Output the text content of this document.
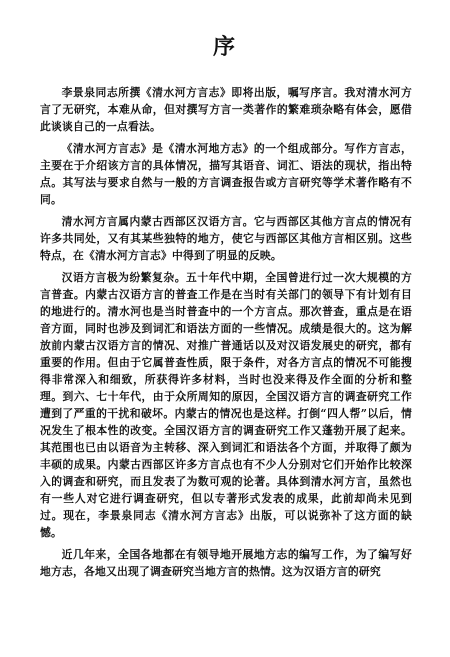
序

李景泉同志所撰《清水河方言志》即将出版，嘱写序言。我对清水河方言了无研究，本难从命，但对撰写方言一类著作的繁难琐杂略有体会，愿借此谈谈自己的一点看法。

《清水河方言志》是《清水河地方志》的一个组成部分。写作方言志，主要在于介绍该方言的具体情况，描写其语音、词汇、语法的现状，指出特点。其写法与要求自然与一般的方言调查报告或方言研究等学术著作略有不同。

清水河方言属内蒙古西部区汉语方言。它与西部区其他方言点的情况有许多共同处，又有其某些独特的地方，使它与西部区其他方言相区别。这些特点，在《清水河方言志》中得到了明显的反映。

汉语方言极为纷繁复杂。五十年代中期，全国曾进行过一次大规模的方言普查。内蒙古汉语方言的普查工作是在当时有关部门的领导下有计划有目的地进行的。清水河也是当时普查中的一个方言点。那次普查，重点是在语音方面，同时也涉及到词汇和语法方面的一些情况。成绩是很大的。这为解放前内蒙古汉语方言的情况、对推广普通话以及对汉语发展史的研究，都有重要的作用。但由于它属普查性质，限于条件，对各方言点的情况不可能搜得非常深入和细致，所获得许多材料，当时也没来得及作全面的分析和整理。到六、七十年代，由于众所周知的原因，全国汉语方言的调查研究工作遭到了严重的干扰和破坏。内蒙古的情况也是这样。打倒“四人帮”以后，情况发生了根本性的改变。全国汉语方言的调查研究工作又蓬勃开展了起来。其范围也已由以语音为主转移、深入到词汇和语法各个方面，并取得了颇为丰硕的成果。内蒙古西部区许多方言点也有不少人分别对它们开始作比较深入的调查和研究，而且发表了为数可观的论著。具体到清水河方言，虽然也有一些人对它进行调查研究，但以专著形式发表的成果，此前却尚未见到过。现在，李景泉同志《清水河方言志》出版，可以说弥补了这方面的缺憾。

近几年来，全国各地都在有领导地开展地方志的编写工作，为了编写好地方志，各地又出现了调查研究当地方言的热情。这为汉语方言的研究
